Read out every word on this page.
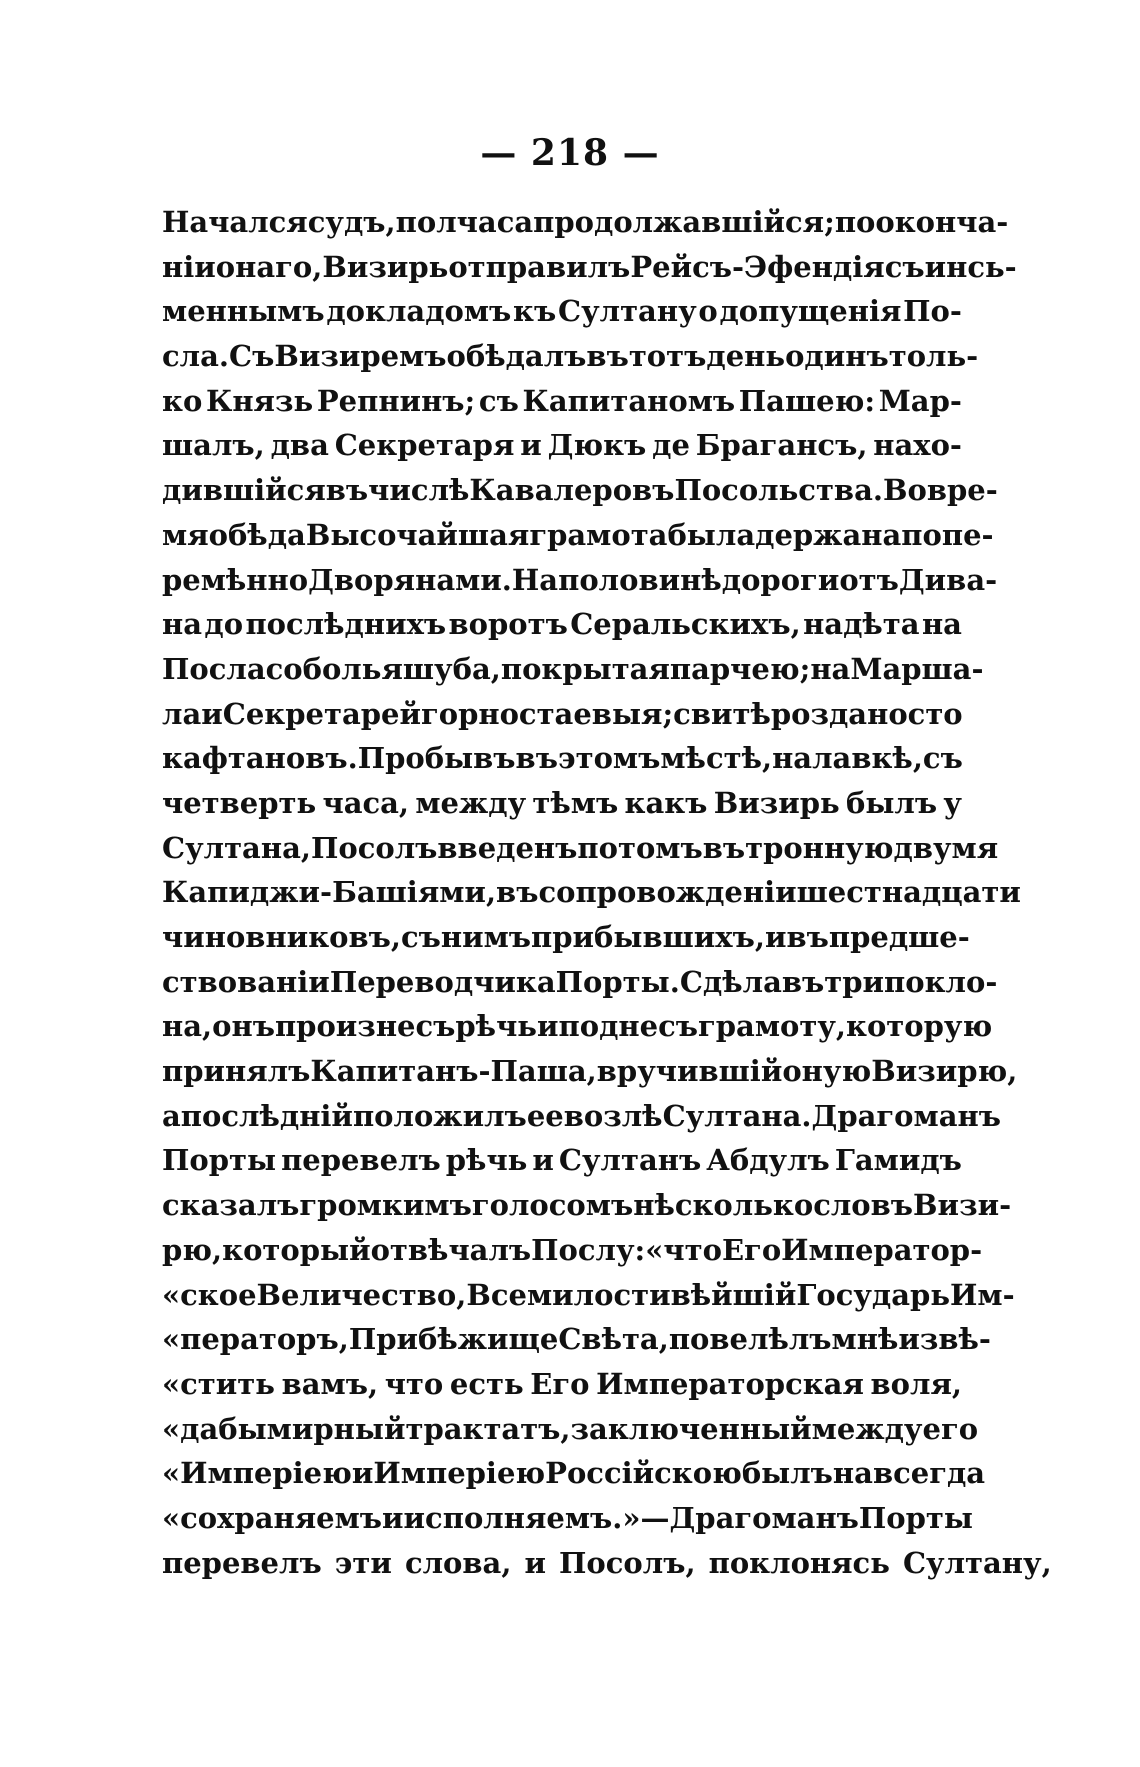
— 218 —
Начался судъ, полчаса продолжавшійся; по оконча-
ніи онаго, Визирь отправилъ Рейсъ-Эфендія съ инсь-
меннымъ докладомъ къ Султану о допущенія По-
сла. Съ Визиремъ обѣдалъ въ тотъ день одинъ толь-
ко Князь Репнинъ; съ Капитаномъ Пашею: Мар-
шалъ, два Секретаря и Дюкъ де Брагансъ, нахо-
дившійся въ числѣ Кавалеровъ Посольства. Во вре-
мя обѣда Высочайшая грамота была держана попе-
ремѣнно Дворянами. На половинѣ дороги отъ Дива-
на до послѣднихъ воротъ Серальскихъ, надѣта на
Посла соболья шуба, покрытая парчею; на Марша-
ла и Секретарей горностаевыя; свитѣ роздано сто
кафтановъ. Пробывъ въ этомъ мѣстѣ, на лавкѣ, съ
четверть часа, между тѣмъ какъ Визирь былъ у
Султана, Посолъ введенъ потомъ въ тронную двумя
Капиджи-Башіями, въ сопровожденіи шестнадцати
чиновниковъ, съ нимъ прибывшихъ, и въ предше-
ствованіи Переводчика Порты. Сдѣлавъ три покло-
на, онъ произнесъ рѣчь и поднесъ грамоту, которую
принялъ Капитанъ-Паша, вручившій оную Визирю,
а послѣдній положилъ ее возлѣ Султана. Драгоманъ
Порты перевелъ рѣчь и Султанъ Абдулъ Гамидъ
сказалъ громкимъ голосомъ нѣсколько словъ Визи-
рю, который отвѣчалъ Послу: «что Его Император-
«ское Величество, Всемилостивѣйшій Государь Им-
«ператоръ, Прибѣжище Свѣта, повелѣлъ мнѣ извѣ-
«стить вамъ, что есть Его Императорская воля,
«дабы мирный трактатъ, заключенный между его
«Имперіею и Имперіею Россійскою былъ навсегда
«сохраняемъ и исполняемъ.» — Драгоманъ Порты
перевелъ эти слова, и Посолъ, поклонясь Султану,
